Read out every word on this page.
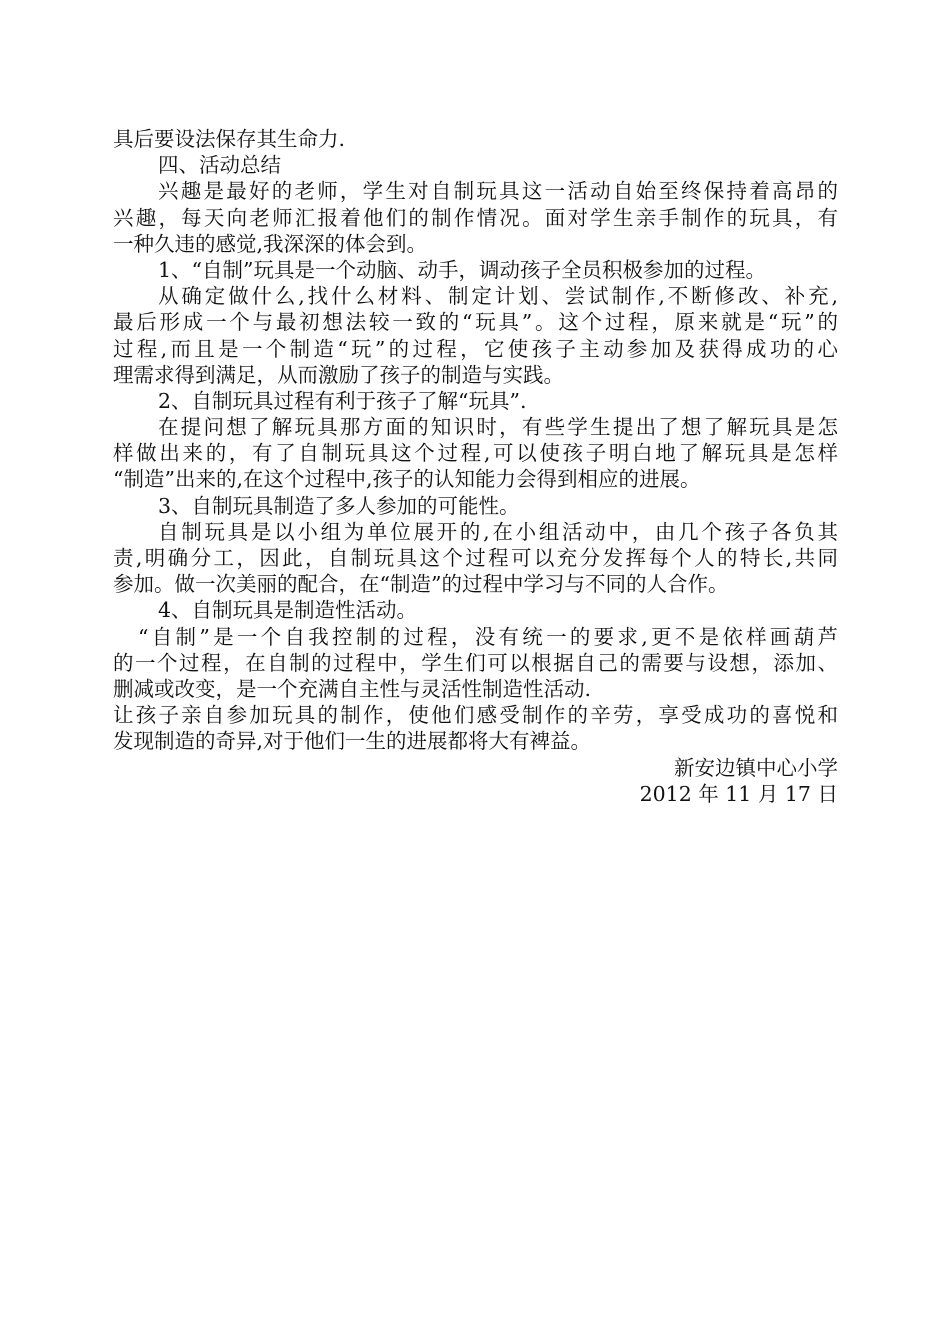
具后要设法保存其生命力.
四、活动总结
兴趣是最好的老师，学生对自制玩具这一活动自始至终保持着高昂的
兴趣，每天向老师汇报着他们的制作情况。面对学生亲手制作的玩具，有
一种久违的感觉,我深深的体会到。
1、“自制”玩具是一个动脑、动手，调动孩子全员积极参加的过程。
从确定做什么,找什么材料、制定计划、尝试制作,不断修改、补充,
最后形成一个与最初想法较一致的“玩具”。这个过程，原来就是“玩”的
过程,而且是一个制造“玩”的过程，它使孩子主动参加及获得成功的心
理需求得到满足，从而激励了孩子的制造与实践。
2、自制玩具过程有利于孩子了解“玩具”.
在提问想了解玩具那方面的知识时，有些学生提出了想了解玩具是怎
样做出来的，有了自制玩具这个过程,可以使孩子明白地了解玩具是怎样
“制造”出来的,在这个过程中,孩子的认知能力会得到相应的进展。
3、自制玩具制造了多人参加的可能性。
自制玩具是以小组为单位展开的,在小组活动中，由几个孩子各负其
责,明确分工，因此，自制玩具这个过程可以充分发挥每个人的特长,共同
参加。做一次美丽的配合，在“制造”的过程中学习与不同的人合作。
4、自制玩具是制造性活动。
“自制”是一个自我控制的过程，没有统一的要求,更不是依样画葫芦
的一个过程，在自制的过程中，学生们可以根据自己的需要与设想，添加、
删减或改变，是一个充满自主性与灵活性制造性活动.
让孩子亲自参加玩具的制作，使他们感受制作的辛劳，享受成功的喜悦和
发现制造的奇异,对于他们一生的进展都将大有裨益。
新安边镇中心小学
2012 年 11 月 17 日
